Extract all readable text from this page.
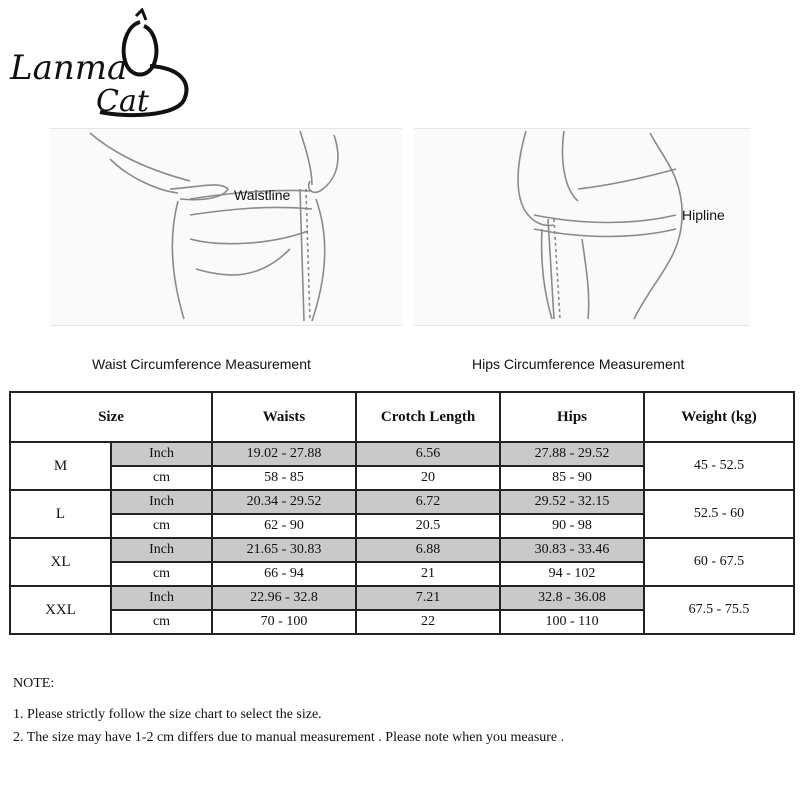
Lanma
Cat
Waistline
Hipline
Waist Circumference Measurement	Hips Circumference Measurement
Size		Waists	Crotch Length	Hips	Weight (kg)
M	Inch	19.02 - 27.88	6.56	27.88 - 29.52	45 - 52.5
	cm	58 - 85	20	85 - 90	
L	Inch	20.34 - 29.52	6.72	29.52 - 32.15	52.5 - 60
	cm	62 - 90	20.5	90 - 98	
XL	Inch	21.65 - 30.83	6.88	30.83 - 33.46	60 - 67.5
	cm	66 - 94	21	94 - 102	
XXL	Inch	22.96 - 32.8	7.21	32.8 - 36.08	67.5 - 75.5
	cm	70 - 100	22	100 - 110	
NOTE:
1. Please strictly follow the size chart to select the size.
2. The size may have 1-2 cm differs due to manual measurement . Please note when you measure .
